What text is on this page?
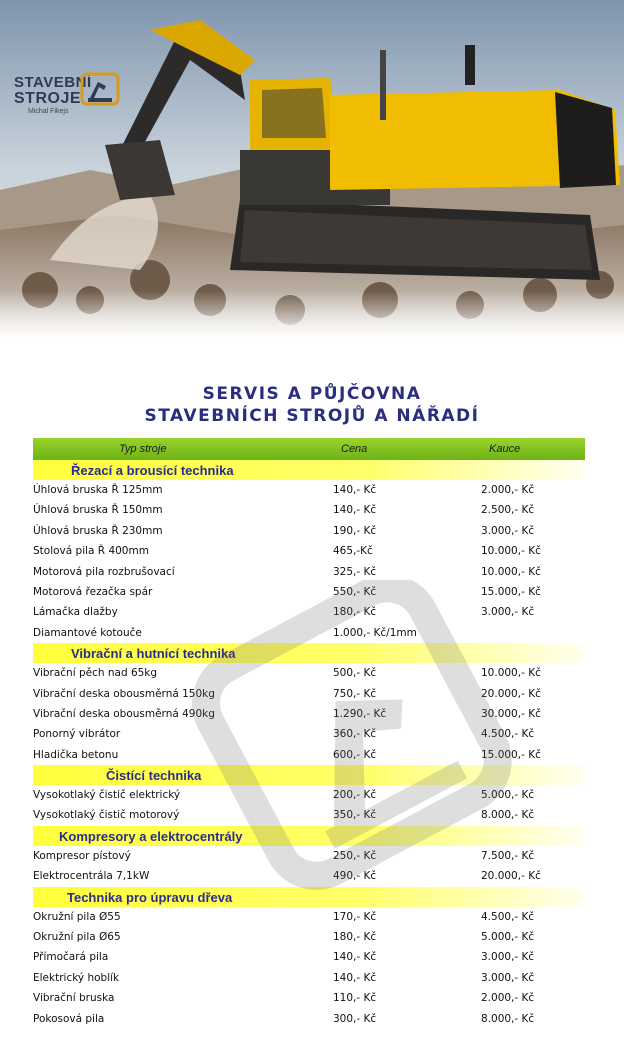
STAVEBNÍ
STROJE
Michal Fikejs
SERVIS A PŮJČOVNA
STAVEBNÍCH STROJŮ A NÁŘADÍ
Typ stroje	Cena	Kauce
Řezací a brousící technika
Úhlová bruska Ř 125mm	140,- Kč	2.000,- Kč
Úhlová bruska Ř 150mm	140,- Kč	2.500,- Kč
Úhlová bruska Ř 230mm	190,- Kč	3.000,- Kč
Stolová pila Ř 400mm	465,-Kč	10.000,- Kč
Motorová pila rozbrušovací	325,- Kč	10.000,- Kč
Motorová řezačka spár	550,- Kč	15.000,- Kč
Lámačka dlažby	180,- Kč	3.000,- Kč
Diamantové kotouče	1.000,- Kč/1mm
Vibrační a hutnící technika
Vibrační pěch nad 65kg	500,- Kč	10.000,- Kč
Vibrační deska obousměrná 150kg	750,- Kč	20.000,- Kč
Vibrační deska obousměrná 490kg	1.290,- Kč	30.000,- Kč
Ponorný vibrátor	360,- Kč	4.500,- Kč
Hladička betonu	600,- Kč	15.000,- Kč
Čistící technika
Vysokotlaký čistič elektrický	200,- Kč	5.000,- Kč
Vysokotlaký čistič motorový	350,- Kč	8.000,- Kč
Kompresory a elektrocentrály
Kompresor pístový	250,- Kč	7.500,- Kč
Elektrocentrála 7,1kW	490,- Kč	20.000,- Kč
Technika pro úpravu dřeva
Okružní pila Ø55	170,- Kč	4.500,- Kč
Okružní pila Ø65	180,- Kč	5.000,- Kč
Přímočará pila	140,- Kč	3.000,- Kč
Elektrický hoblík	140,- Kč	3.000,- Kč
Vibrační bruska	110,- Kč	2.000,- Kč
Pokosová pila	300,- Kč	8.000,- Kč
